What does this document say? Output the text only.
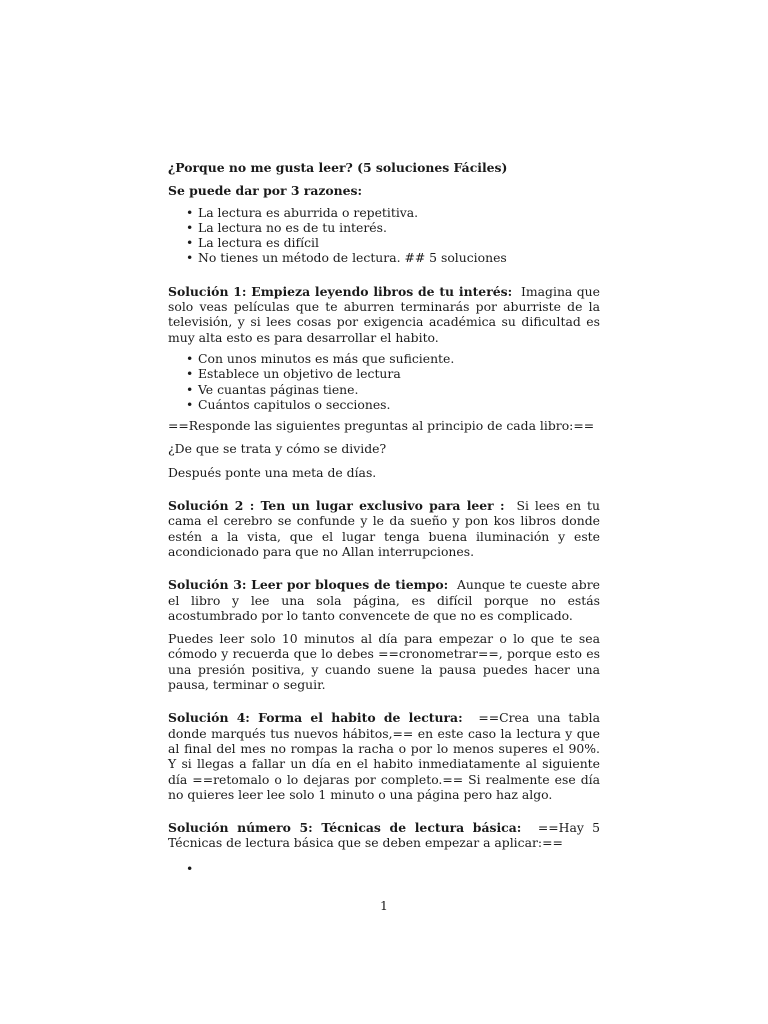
¿Porque no me gusta leer? (5 soluciones Fáciles)

Se puede dar por 3 razones:

• La lectura es aburrida o repetitiva.
• La lectura no es de tu interés.
• La lectura es difícil
• No tienes un método de lectura. ## 5 soluciones

Solución 1: Empieza leyendo libros de tu interés: Imagina que solo veas películas que te aburren terminarás por aburriste de la televisión, y si lees cosas por exigencia académica su dificultad es muy alta esto es para desarrollar el habito.

• Con unos minutos es más que suficiente.
• Establece un objetivo de lectura
• Ve cuantas páginas tiene.
• Cuántos capitulos o secciones.

==Responde las siguientes preguntas al principio de cada libro:==

¿De que se trata y cómo se divide?

Después ponte una meta de días.

Solución 2 : Ten un lugar exclusivo para leer : Si lees en tu cama el cerebro se confunde y le da sueño y pon kos libros donde estén a la vista, que el lugar tenga buena iluminación y este acondicionado para que no Allan interrupciones.

Solución 3: Leer por bloques de tiempo: Aunque te cueste abre el libro y lee una sola página, es difícil porque no estás acostumbrado por lo tanto convencete de que no es complicado.

Puedes leer solo 10 minutos al día para empezar o lo que te sea cómodo y recuerda que lo debes ==cronometrar==, porque esto es una presión positiva, y cuando suene la pausa puedes hacer una pausa, terminar o seguir.

Solución 4: Forma el habito de lectura: ==Crea una tabla donde marqués tus nuevos hábitos,== en este caso la lectura y que al final del mes no rompas la racha o por lo menos superes el 90%. Y si llegas a fallar un día en el habito inmediatamente al siguiente día ==retomalo o lo dejaras por completo.== Si realmente ese día no quieres leer lee solo 1 minuto o una página pero haz algo.

Solución número 5: Técnicas de lectura básica: ==Hay 5 Técnicas de lectura básica que se deben empezar a aplicar:==

•
1
